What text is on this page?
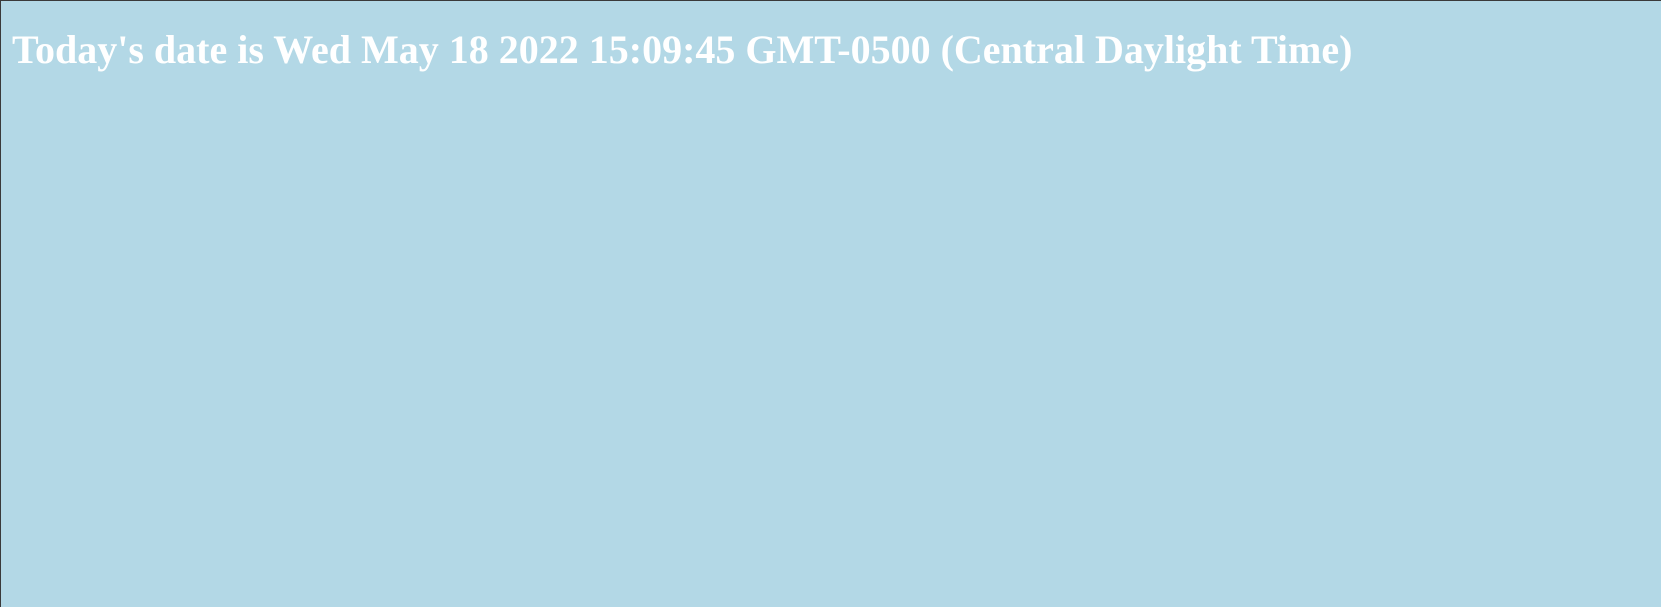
Today's date is Wed May 18 2022 15:09:45 GMT-0500 (Central Daylight Time)
